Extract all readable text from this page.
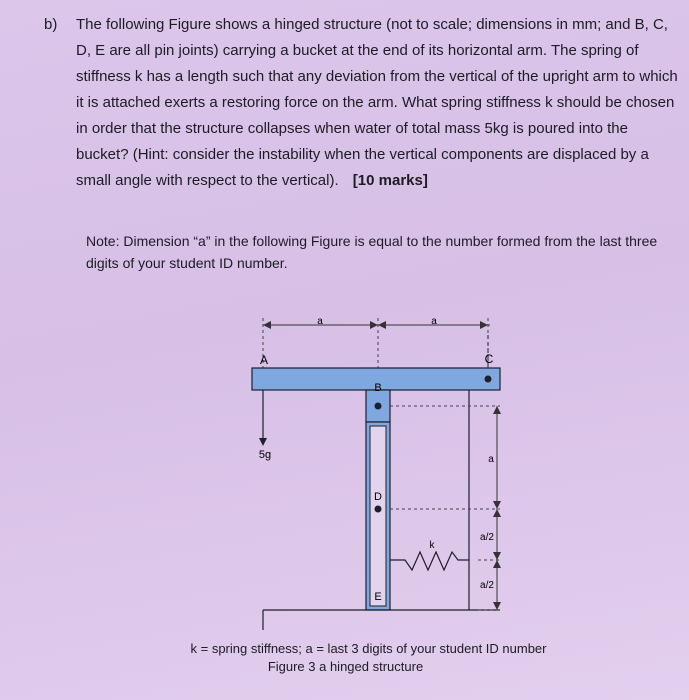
b) The following Figure shows a hinged structure (not to scale; dimensions in mm; and B, C, D, E are all pin joints) carrying a bucket at the end of its horizontal arm. The spring of stiffness k has a length such that any deviation from the vertical of the upright arm to which it is attached exerts a restoring force on the arm. What spring stiffness k should be chosen in order that the structure collapses when water of total mass 5kg is poured into the bucket? (Hint: consider the instability when the vertical components are displaced by a small angle with respect to the vertical). [10 marks]
Note: Dimension “a” in the following Figure is equal to the number formed from the last three digits of your student ID number.
a	a
A	C
5g
B
D
E
k
a
a/2
a/2
k = spring stiffness; a = last 3 digits of your student ID number
Figure 3 a hinged structure
